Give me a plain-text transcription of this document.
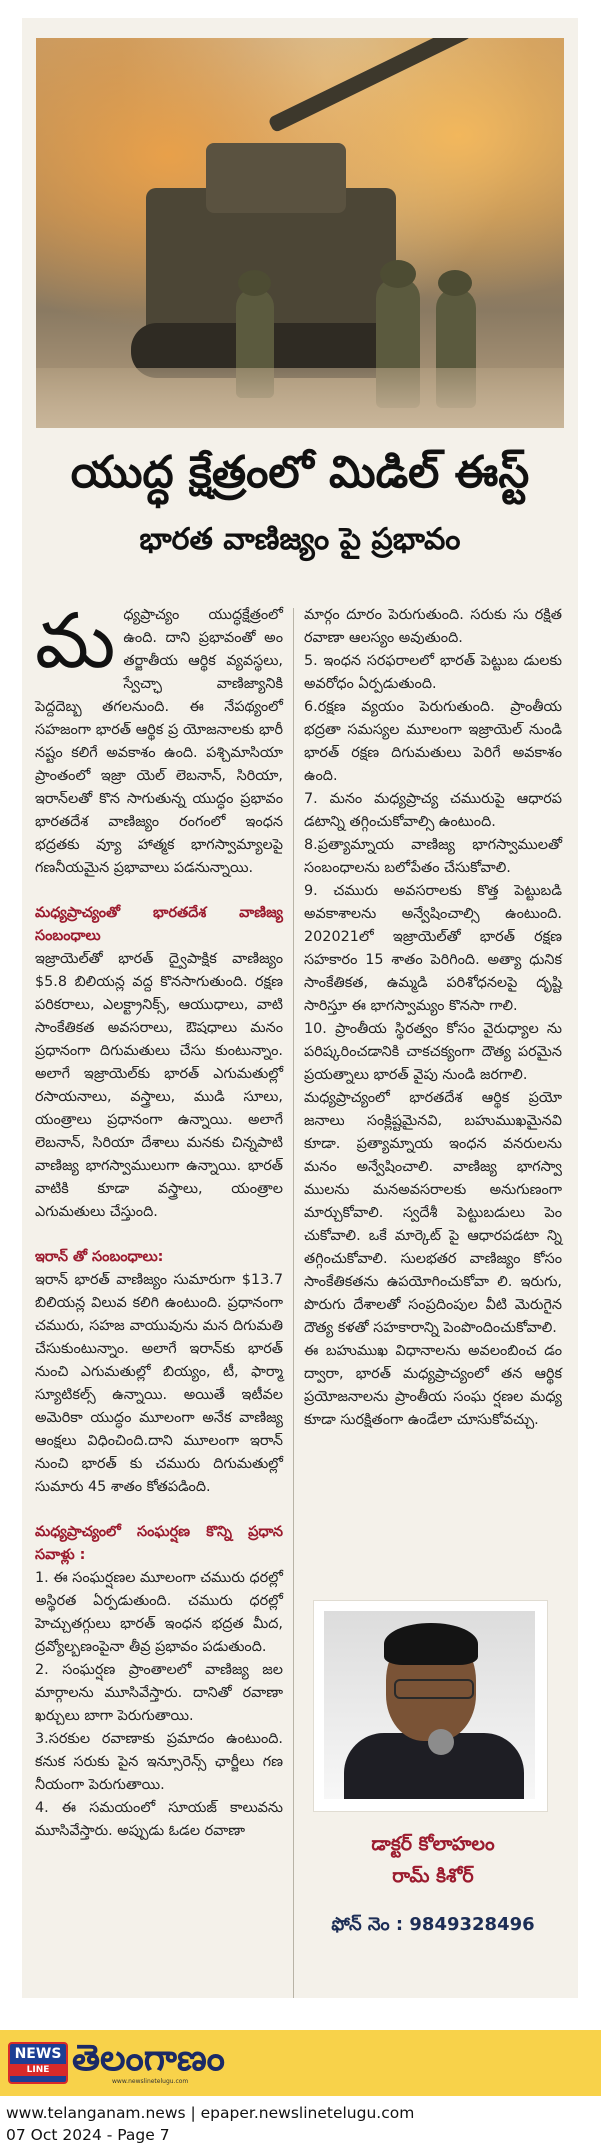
యుద్ధ క్షేత్రంలో మిడిల్ ఈస్ట్
భారత వాణిజ్యం పై ప్రభావం

మధ్యప్రాచ్యం యుద్ధక్షేత్రంలో ఉంది. దాని ప్రభావంతో అం తర్జాతీయ ఆర్థిక వ్యవస్థలు, స్వేచ్ఛా వాణిజ్యానికి పెద్దదెబ్బ తగలనుంది. ఈ నేపథ్యంలో సహజంగా భారత్ ఆర్థిక ప్ర యోజనాలకు భారీ నష్టం కలిగే అవకాశం ఉంది. పశ్చిమాసియా ప్రాంతంలో ఇజ్రా యెల్ లెబనాన్, సిరియా, ఇరాన్‌లతో కొన సాగుతున్న యుద్ధం ప్రభావం భారతదేశ వాణిజ్యం రంగంలో ఇంధన భద్రతకు వ్యూ హాత్మక భాగస్వామ్యాలపై గణనీయమైన ప్రభావాలు పడనున్నాయి.

మధ్యప్రాచ్యంతో భారతదేశ వాణిజ్య సంబంధాలు

ఇజ్రాయెల్‌తో భారత్ ద్వైపాక్షిక వాణిజ్యం $5.8 బిలియన్ల వద్ద కొనసాగుతుంది. రక్షణ పరికరాలు, ఎలక్ట్రానిక్స్, ఆయుధాలు, వాటి సాంకేతికత అవసరాలు, ఔషధాలు మనం ప్రధానంగా దిగుమతులు చేసు కుంటున్నాం. అలాగే ఇజ్రాయెల్‌కు భారత్ ఎగుమతుల్లో రసాయనాలు, వస్త్రాలు, ముడి సూలు, యంత్రాలు ప్రధానంగా ఉన్నాయి. అలాగే లెబనాన్, సిరియా దేశాలు మనకు చిన్నపాటి వాణిజ్య భాగస్వాములుగా ఉన్నాయి. భారత్ వాటికి కూడా వస్త్రాలు, యంత్రాల ఎగుమతులు చేస్తుంది.

ఇరాన్ తో సంబంధాలు:

ఇరాన్ భారత్ వాణిజ్యం సుమారుగా $13.7 బిలియన్ల విలువ కలిగి ఉంటుంది. ప్రధానంగా చమురు, సహజ వాయువును మన దిగుమతి చేసుకుంటున్నాం. అలాగే ఇరాన్‌కు భారత్ నుంచి ఎగుమతుల్లో బియ్యం, టీ, ఫార్మా స్యూటికల్స్ ఉన్నాయి. అయితే ఇటీవల అమెరికా యుద్ధం మూలంగా అనేక వాణిజ్య ఆంక్షలు విధించింది.దాని మూలంగా ఇరాన్ నుంచి భారత్ కు చమురు దిగుమతుల్లో సుమారు 45 శాతం కోతపడింది.

మధ్యప్రాచ్యంలో సంఘర్షణ కొన్ని ప్రధాన సవాళ్లు :

1. ఈ సంఘర్షణల మూలంగా చమురు ధరల్లో అస్థిరత ఏర్పడుతుంది. చమురు ధరల్లో హెచ్చుతగ్గులు భారత్ ఇంధన భద్రత మీద, ద్రవ్యోల్బణంపైనా తీవ్ర ప్రభావం పడుతుంది.
2. సంఘర్షణ ప్రాంతాలలో వాణిజ్య జల మార్గాలను మూసివేస్తారు. దానితో రవాణా ఖర్చులు బాగా పెరుగుతాయి.
3.సరకుల రవాణాకు ప్రమాదం ఉంటుంది. కనుక సరుకు పైన ఇన్సూరెన్స్ ఛార్జీలు గణ నీయంగా పెరుగుతాయి.
4. ఈ సమయంలో సూయజ్ కాలువను మూసివేస్తారు. అప్పుడు ఓడల రవాణా

మార్గం దూరం పెరుగుతుంది. సరుకు సు రక్షిత రవాణా ఆలస్యం అవుతుంది.
5. ఇంధన సరఫరాలలో భారత్ పెట్టుబ డులకు అవరోధం ఏర్పడుతుంది.
6.రక్షణ వ్యయం పెరుగుతుంది. ప్రాంతీయ భద్రతా సమస్యల మూలంగా ఇజ్రాయెల్ నుండి భారత్ రక్షణ దిగుమతులు పెరిగే అవకాశం ఉంది.
7. మనం మధ్యప్రాచ్య చమురుపై ఆధారప డటాన్ని తగ్గించుకోవాల్సి ఉంటుంది.
8.ప్రత్యామ్నాయ వాణిజ్య భాగస్వాములతో సంబంధాలను బలోపేతం చేసుకోవాలి.
9. చమురు అవసరాలకు కొత్త పెట్టుబడి అవకాశాలను అన్వేషించాల్సి ఉంటుంది. 202021లో ఇజ్రాయెల్‌తో భారత్ రక్షణ సహకారం 15 శాతం పెరిగింది. అత్యా ధునిక సాంకేతికత, ఉమ్మడి పరిశోధనలపై దృష్టి సారిస్తూ ఈ భాగస్వామ్యం కొనసా గాలి.
10. ప్రాంతీయ స్థిరత్వం కోసం వైరుధ్యాల ను పరిష్కరించడానికి చాకచక్యంగా దౌత్య పరమైన ప్రయత్నాలు భారత్ వైపు నుండి జరగాలి.
మధ్యప్రాచ్యంలో భారతదేశ ఆర్థిక ప్రయో జనాలు సంక్లిష్టమైనవి, బహుముఖమైనవి కూడా. ప్రత్యామ్నాయ ఇంధన వనరులను మనం అన్వేషించాలి. వాణిజ్య భాగస్వా ములను మనఅవసరాలకు అనుగుణంగా మార్చుకోవాలి. స్వదేశీ పెట్టుబడులు పెం చుకోవాలి. ఒకే మార్కెట్ పై ఆధారపడటా న్ని తగ్గించుకోవాలి. సులభతర వాణిజ్యం కోసం సాంకేతికతను ఉపయోగించుకోవా లి. ఇరుగు, పొరుగు దేశాలతో సంప్రదింపుల వీటి మెరుగైన దౌత్య కళతో సహకారాన్ని పెంపొందించుకోవాలి.
ఈ బహుముఖ విధానాలను అవలంబించ డం ద్వారా, భారత్ మధ్యప్రాచ్యంలో తన ఆర్థిక ప్రయోజనాలను ప్రాంతీయ సంఘ ర్షణల మధ్య కూడా సురక్షితంగా ఉండేలా చూసుకోవచ్చు.

డాక్టర్ కోలాహలం
రామ్ కిశోర్
ఫోన్ నెం : 9849328496
NEWS
LINE తెలంగాణం
www.newslinetelugu.com
www.telanganam.news | epaper.newslinetelugu.com
07 Oct 2024 - Page 7
